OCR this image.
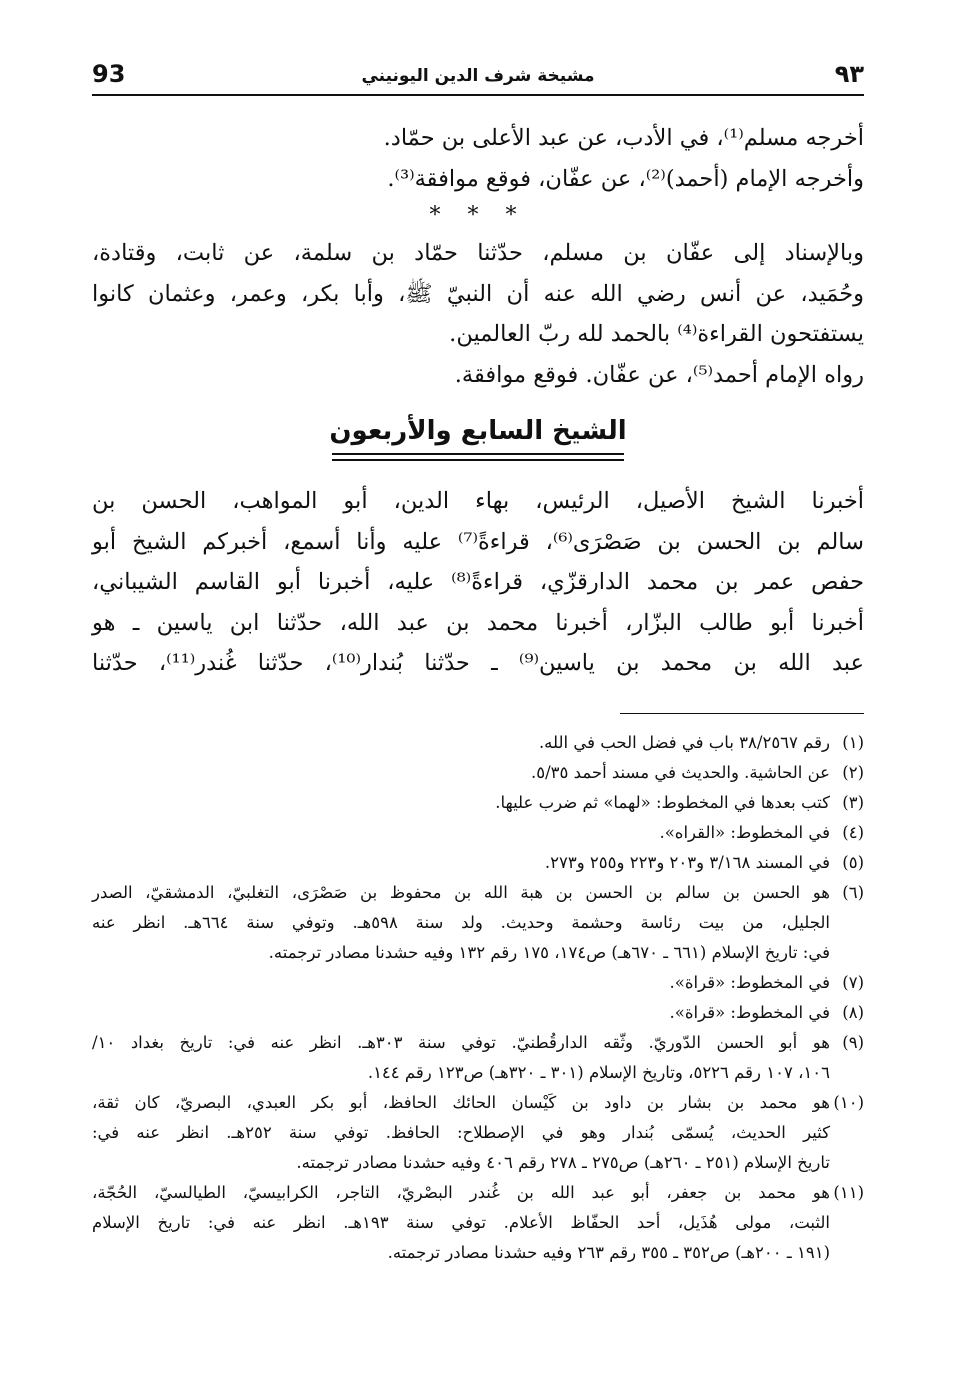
93	مشيخة شرف الدين اليونيني	٩٣
أخرجه مسلم⁽¹⁾، في الأدب، عن عبد الأعلى بن حمّاد.
وأخرجه الإمام (أحمد)⁽²⁾، عن عفّان، فوقع موافقة⁽³⁾.
* * *
وبالإسناد إلى عفّان بن مسلم، حدّثنا حمّاد بن سلمة، عن ثابت، وقتادة،
وحُمَيد، عن أنس رضي الله عنه أن النبيّ ﷺ، وأبا بكر، وعمر، وعثمان كانوا
يستفتحون القراءة⁽⁴⁾ بالحمد لله ربّ العالمين.
رواه الإمام أحمد⁽⁵⁾، عن عفّان. فوقع موافقة.
الشيخ السابع والأربعون
أخبرنا الشيخ الأصيل، الرئيس، بهاء الدين، أبو المواهب، الحسن بن
سالم بن الحسن بن صَصْرَى⁽⁶⁾، قراءةً⁽⁷⁾ عليه وأنا أسمع، أخبركم الشيخ أبو
حفص عمر بن محمد الدارقزّي، قراءةً⁽⁸⁾ عليه، أخبرنا أبو القاسم الشيباني،
أخبرنا أبو طالب البزّار، أخبرنا محمد بن عبد الله، حدّثنا ابن ياسين ـ هو
عبد الله بن محمد بن ياسين⁽⁹⁾ ـ حدّثنا بُندار⁽¹⁰⁾، حدّثنا غُندر⁽¹¹⁾، حدّثنا
(١)
رقم ٣٨/٢٥٦٧ باب في فضل الحب في الله.
(٢)
عن الحاشية. والحديث في مسند أحمد ٥/٣٥.
(٣)
كتب بعدها في المخطوط: «لهما» ثم ضرب عليها.
(٤)
في المخطوط: «القراه».
(٥)
في المسند ٣/١٦٨ و٢٠٣ و٢٢٣ و٢٥٥ و٢٧٣.
(٦)
هو الحسن بن سالم بن الحسن بن هبة الله بن محفوظ بن صَصْرَى، التغلبيّ، الدمشقيّ، الصدر
الجليل، من بيت رئاسة وحشمة وحديث. ولد سنة ٥٩٨هـ. وتوفي سنة ٦٦٤هـ. انظر عنه
في: تاريخ الإسلام (٦٦١ ـ ٦٧٠هـ) ص١٧٤، ١٧٥ رقم ١٣٢ وفيه حشدنا مصادر ترجمته.
(٧)
في المخطوط: «قراة».
(٨)
في المخطوط: «قراة».
(٩)
هو أبو الحسن الدّوريّ. وثّقه الدارقُطنيّ. توفي سنة ٣٠٣هـ. انظر عنه في: تاريخ بغداد ١٠/
١٠٦، ١٠٧ رقم ٥٢٢٦، وتاريخ الإسلام (٣٠١ ـ ٣٢٠هـ) ص١٢٣ رقم ١٤٤.
(١٠)
هو محمد بن بشار بن داود بن كَيْسان الحائك الحافظ، أبو بكر العبدي، البصريّ، كان ثقة،
كثير الحديث، يُسمّى بُندار وهو في الإصطلاح: الحافظ. توفي سنة ٢٥٢هـ. انظر عنه في:
تاريخ الإسلام (٢٥١ ـ ٢٦٠هـ) ص٢٧٥ ـ ٢٧٨ رقم ٤٠٦ وفيه حشدنا مصادر ترجمته.
(١١)
هو محمد بن جعفر، أبو عبد الله بن غُندر البصْريّ، التاجر، الكرابيسيّ، الطيالسيّ، الحُجّة،
الثبت، مولى هُذَيل، أحد الحفّاظ الأعلام. توفي سنة ١٩٣هـ. انظر عنه في: تاريخ الإسلام
(١٩١ ـ ٢٠٠هـ) ص٣٥٢ ـ ٣٥٥ رقم ٢٦٣ وفيه حشدنا مصادر ترجمته.
